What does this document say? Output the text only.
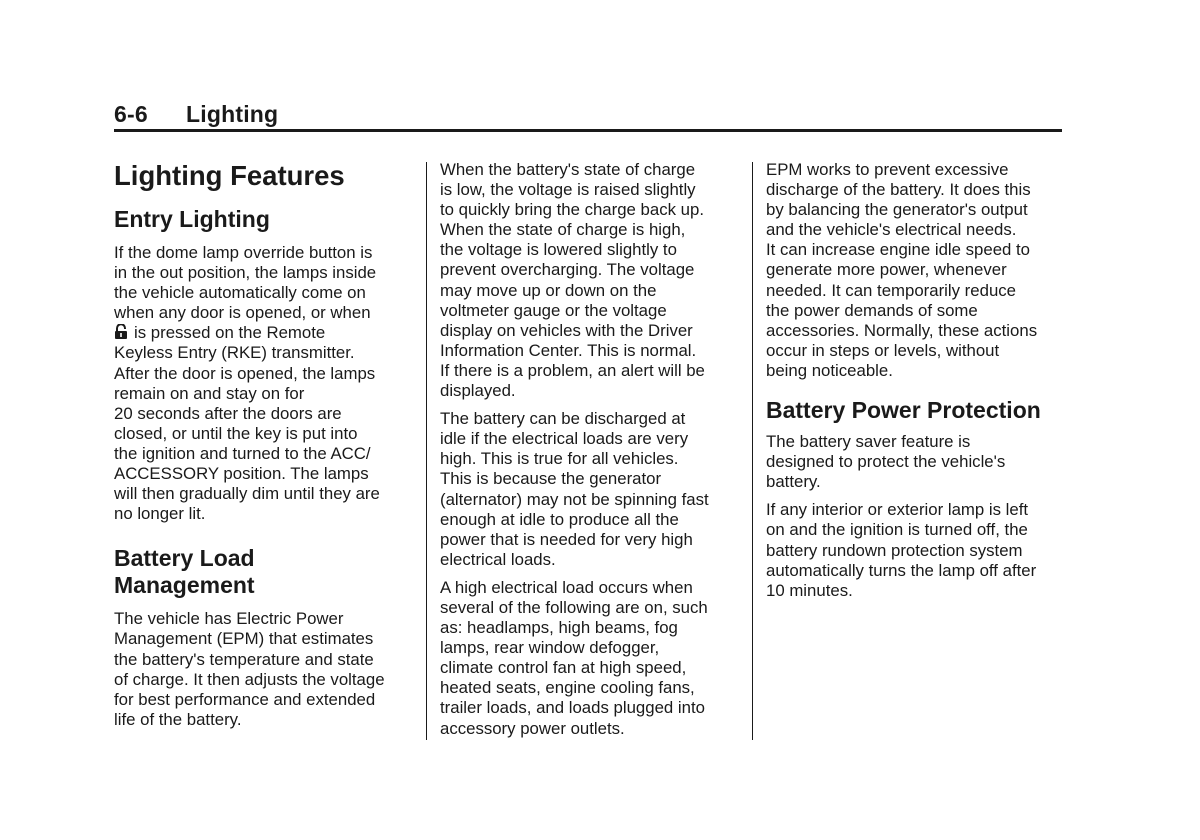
6-6 Lighting
Lighting Features
Entry Lighting
If the dome lamp override button is
in the out position, the lamps inside
the vehicle automatically come on
when any door is opened, or when
is pressed on the Remote
Keyless Entry (RKE) transmitter.
After the door is opened, the lamps
remain on and stay on for
20 seconds after the doors are
closed, or until the key is put into
the ignition and turned to the ACC/
ACCESSORY position. The lamps
will then gradually dim until they are
no longer lit.
Battery Load
Management
The vehicle has Electric Power
Management (EPM) that estimates
the battery's temperature and state
of charge. It then adjusts the voltage
for best performance and extended
life of the battery.
When the battery's state of charge
is low, the voltage is raised slightly
to quickly bring the charge back up.
When the state of charge is high,
the voltage is lowered slightly to
prevent overcharging. The voltage
may move up or down on the
voltmeter gauge or the voltage
display on vehicles with the Driver
Information Center. This is normal.
If there is a problem, an alert will be
displayed.
The battery can be discharged at
idle if the electrical loads are very
high. This is true for all vehicles.
This is because the generator
(alternator) may not be spinning fast
enough at idle to produce all the
power that is needed for very high
electrical loads.
A high electrical load occurs when
several of the following are on, such
as: headlamps, high beams, fog
lamps, rear window defogger,
climate control fan at high speed,
heated seats, engine cooling fans,
trailer loads, and loads plugged into
accessory power outlets.
EPM works to prevent excessive
discharge of the battery. It does this
by balancing the generator's output
and the vehicle's electrical needs.
It can increase engine idle speed to
generate more power, whenever
needed. It can temporarily reduce
the power demands of some
accessories. Normally, these actions
occur in steps or levels, without
being noticeable.
Battery Power Protection
The battery saver feature is
designed to protect the vehicle's
battery.
If any interior or exterior lamp is left
on and the ignition is turned off, the
battery rundown protection system
automatically turns the lamp off after
10 minutes.
